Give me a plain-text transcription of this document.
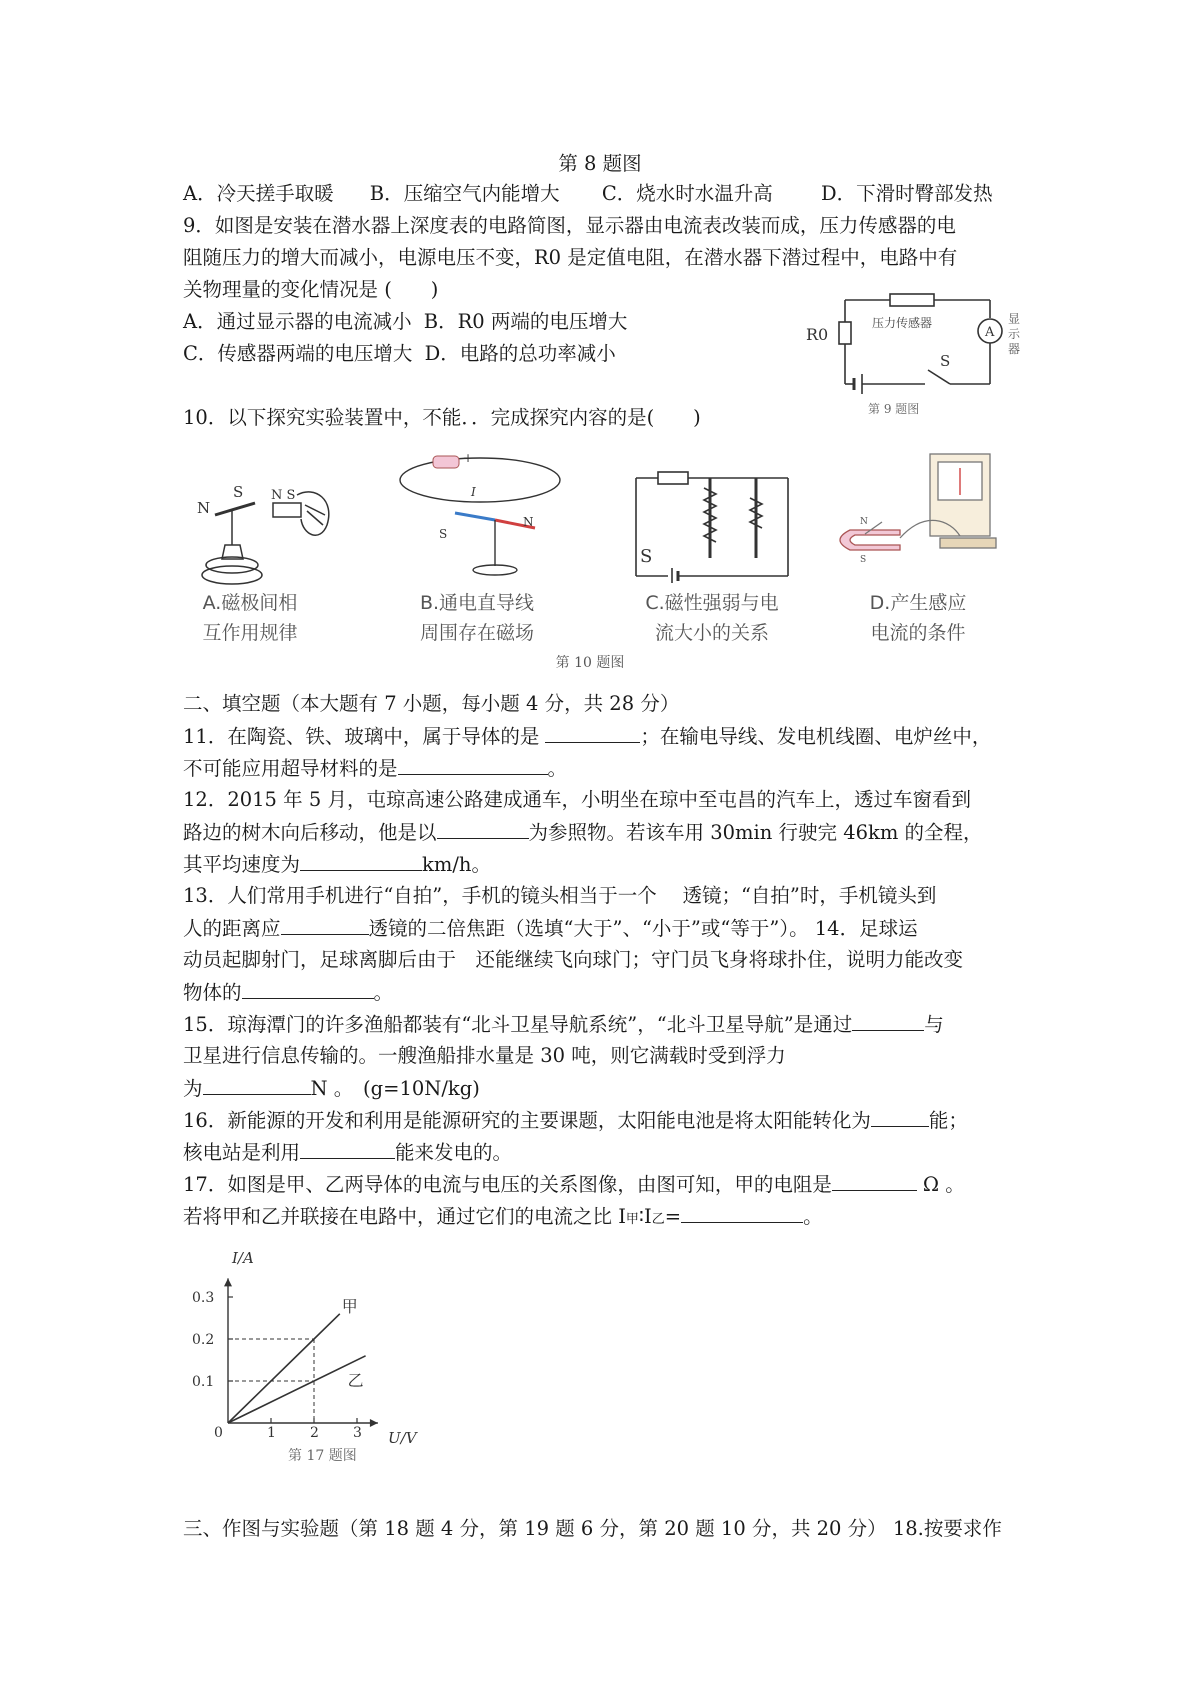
第 8 题图
A．冷天搓手取暖 B．压缩空气内能增大 C．烧水时水温升高 D．下滑时臀部发热
9．如图是安装在潜水器上深度表的电路简图，显示器由电流表改装而成，压力传感器的电
阻随压力的增大而减小，电源电压不变，R0 是定值电阻，在潜水器下潜过程中，电路中有
关物理量的变化情况是 (　　)
A．通过显示器的电流减小 B．R0 两端的电压增大
C．传感器两端的电压增大 D．电路的总功率减小
R0
压力传感器
A
S
显
示
器
第 9 题图
10．以下探究实验装置中，不能．．完成探究内容的是(　　)
N
S N S
A.磁极间相
互作用规律
+
I
S
N
B.通电直导线
周围存在磁场
S
C.磁性强弱与电
流大小的关系
N
S
D.产生感应
电流的条件
第 10 题图
二、填空题（本大题有 7 小题，每小题 4 分，共 28 分）
11．在陶瓷、铁、玻璃中，属于导体的是	；在输电导线、发电机线圈、电炉丝中，
不可能应用超导材料的是	。
12．2015 年 5 月，屯琼高速公路建成通车，小明坐在琼中至屯昌的汽车上，透过车窗看到
路边的树木向后移动，他是以	为参照物。若该车用 30min 行驶完 46km 的全程，
其平均速度为	km/h。
13．人们常用手机进行“自拍”，手机的镜头相当于一个　 透镜；“自拍”时，手机镜头到
人的距离应	透镜的二倍焦距（选填“大于”、“小于”或“等于”）。 14．足球运
动员起脚射门，足球离脚后由于　还能继续飞向球门；守门员飞身将球扑住，说明力能改变
物体的	。
15．琼海潭门的许多渔船都装有“北斗卫星导航系统”，“北斗卫星导航”是通过	与
卫星进行信息传输的。一艘渔船排水量是 30 吨，则它满载时受到浮力
为	N 。　(g=10N/kg)
16．新能源的开发和利用是能源研究的主要课题，太阳能电池是将太阳能转化为	能；
核电站是利用	能来发电的。
17．如图是甲、乙两导体的电流与电压的关系图像，由图可知，甲的电阻是	Ω 。
若将甲和乙并联接在电路中，通过它们的电流之比 I甲∶I乙=	。
I/A
U/V
第 17 题图
0	1 2 3
0.1
0.2
0.3	甲
乙
三、作图与实验题（第 18 题 4 分，第 19 题 6 分，第 20 题 10 分，共 20 分） 18.按要求作
